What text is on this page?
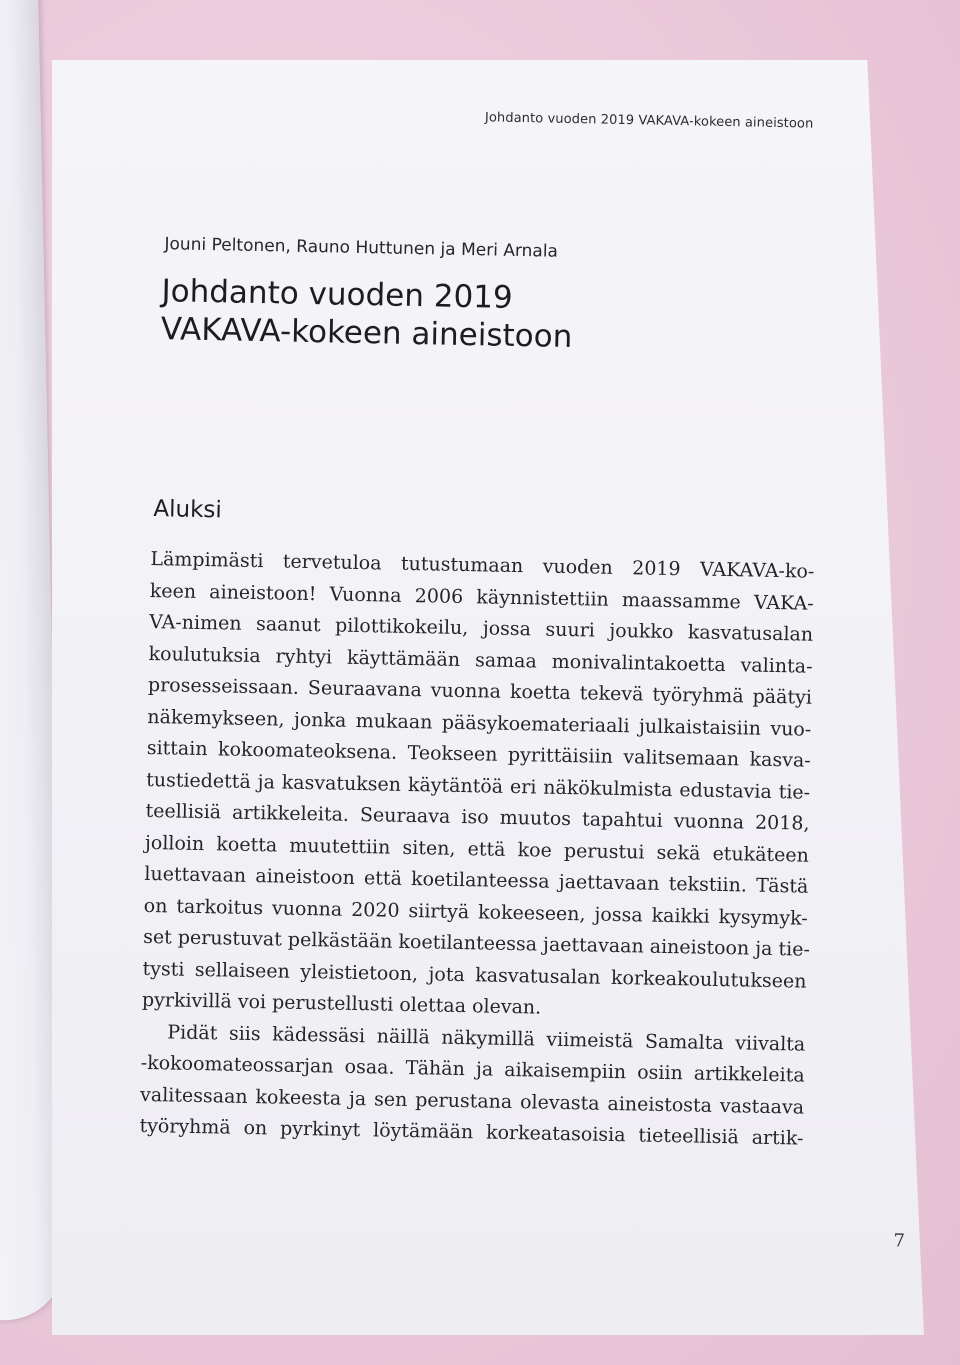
Johdanto vuoden 2019 VAKAVA-kokeen aineistoon
Jouni Peltonen, Rauno Huttunen ja Meri Arnala
Johdanto vuoden 2019
VAKAVA-kokeen aineistoon
Aluksi
Lämpimästi tervetuloa tutustumaan vuoden 2019 VAKAVA-ko-
keen aineistoon! Vuonna 2006 käynnistettiin maassamme VAKA-
VA-nimen saanut pilottikokeilu, jossa suuri joukko kasvatusalan
koulutuksia ryhtyi käyttämään samaa monivalintakoetta valinta-
prosesseissaan. Seuraavana vuonna koetta tekevä työryhmä päätyi
näkemykseen, jonka mukaan pääsykoemateriaali julkaistaisiin vuo-
sittain kokoomateoksena. Teokseen pyrittäisiin valitsemaan kasva-
tustiedettä ja kasvatuksen käytäntöä eri näkökulmista edustavia tie-
teellisiä artikkeleita. Seuraava iso muutos tapahtui vuonna 2018,
jolloin koetta muutettiin siten, että koe perustui sekä etukäteen
luettavaan aineistoon että koetilanteessa jaettavaan tekstiin. Tästä
on tarkoitus vuonna 2020 siirtyä kokeeseen, jossa kaikki kysymyk-
set perustuvat pelkästään koetilanteessa jaettavaan aineistoon ja tie-
tysti sellaiseen yleistietoon, jota kasvatusalan korkeakoulutukseen
pyrkivillä voi perustellusti olettaa olevan.
Pidät siis kädessäsi näillä näkymillä viimeistä Samalta viivalta
-kokoomateossarjan osaa. Tähän ja aikaisempiin osiin artikkeleita
valitessaan kokeesta ja sen perustana olevasta aineistosta vastaava
työryhmä on pyrkinyt löytämään korkeatasoisia tieteellisiä artik-
7
